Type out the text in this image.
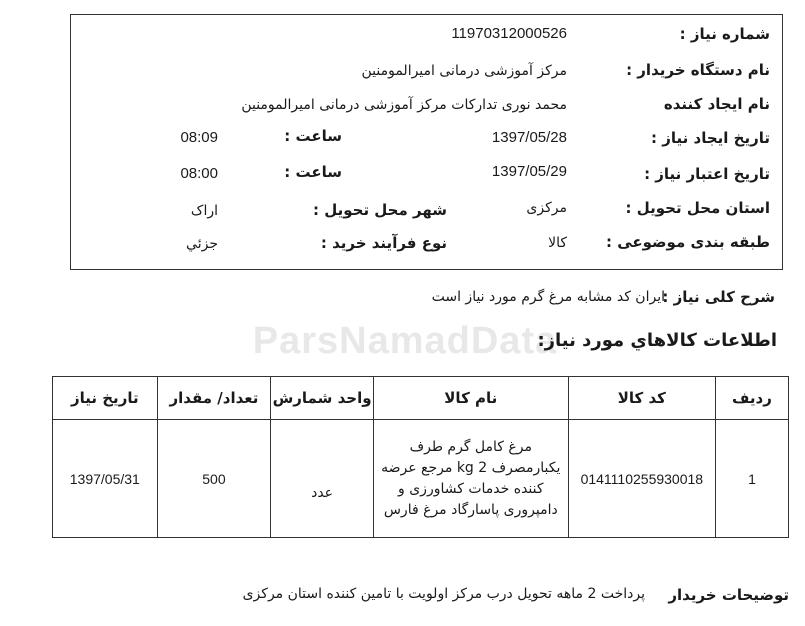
ParsNamadData
شماره نیاز :
11970312000526
نام دستگاه خریدار :
مرکز آموزشی درمانی امیرالمومنین
نام ایجاد کننده
محمد نوری تدارکات مرکز آموزشی درمانی امیرالمومنین
تاریخ ایجاد نیاز :
1397/05/28
ساعت :
08:09
تاریخ اعتبار نیاز :
1397/05/29
ساعت :
08:00
استان محل تحویل :
مرکزی
شهر محل تحویل :
اراک
طبقه بندی موضوعی :
کالا
نوع فرآیند خرید :
جزئي
شرح کلی نیاز :
ایران کد مشابه مرغ گرم مورد نیاز است
اطلاعات کالاهاي مورد نیاز:
ردیف	کد کالا	نام کالا	واحد شمارش	تعداد/ مقدار	تاریخ نیاز
1	0141110255930018	مرغ کامل گرم طرف یکبارمصرف 2 kg مرجع عرضه کننده خدمات کشاورزی و دامپروری پاسارگاد مرغ فارس	عدد	500	1397/05/31
توضیحات خریدار
پرداخت 2 ماهه تحویل درب مرکز اولویت با تامین کننده استان مرکزی
